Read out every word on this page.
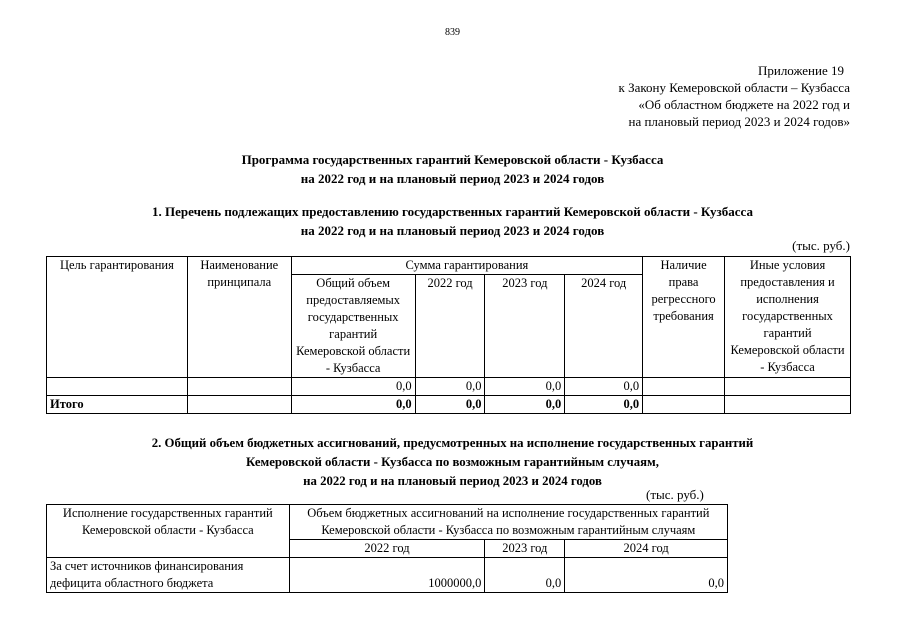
839
Приложение 19
к Закону Кемеровской области – Кузбасса
«Об областном бюджете на 2022 год и
на плановый период 2023 и 2024 годов»
Программа государственных гарантий Кемеровской области - Кузбасса
на 2022 год и на плановый период 2023 и 2024 годов
1. Перечень подлежащих предоставлению государственных гарантий Кемеровской области - Кузбасса
на 2022 год и на плановый период 2023 и 2024 годов
(тыс. руб.)
Цель гарантирования	Наименование принципала	Сумма гарантирования				Наличие права регрессного требования	Иные условия предоставления и исполнения государственных гарантий Кемеровской области - Кузбасса
		Общий объем предоставляемых государственных гарантий Кемеровской области - Кузбасса	2022 год	2023 год	2024 год		
		0,0	0,0	0,0	0,0		
Итого		0,0	0,0	0,0	0,0		
2. Общий объем бюджетных ассигнований, предусмотренных на исполнение государственных гарантий
Кемеровской области - Кузбасса по возможным гарантийным случаям,
на 2022 год и на плановый период 2023 и 2024 годов
(тыс. руб.)
Исполнение государственных гарантий Кемеровской области - Кузбасса	Объем бюджетных ассигнований на исполнение государственных гарантий Кемеровской области - Кузбасса по возможным гарантийным случаям		
	2022 год	2023 год	2024 год
За счет источников финансирования дефицита областного бюджета	1000000,0	0,0	0,0
